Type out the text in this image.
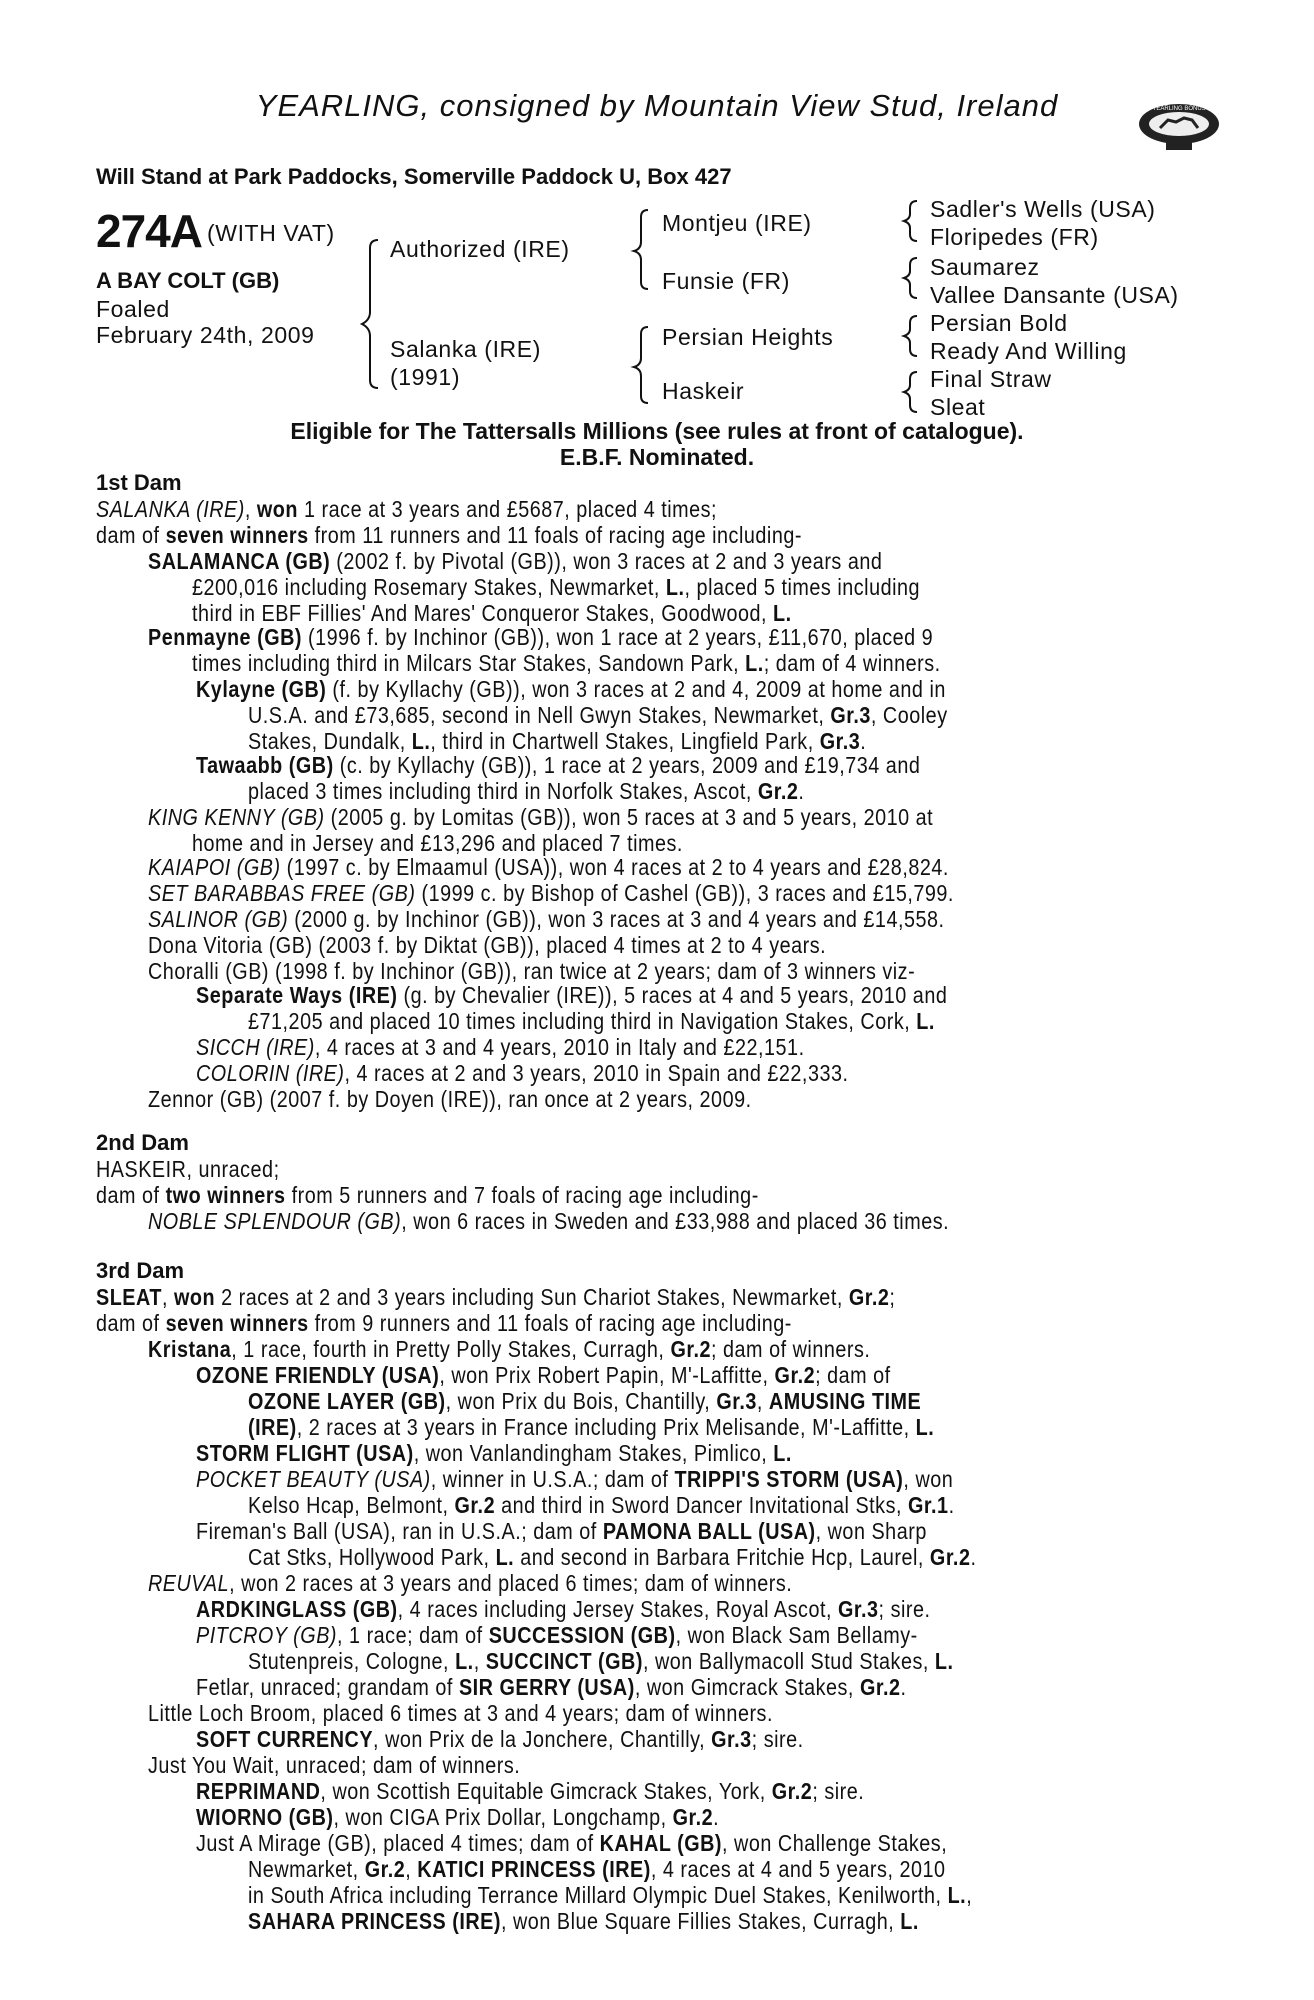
YEARLING, consigned by Mountain View Stud, Ireland	YEARLING BONUS
Will Stand at Park Paddocks, Somerville Paddock U, Box 427
274A (WITH VAT)
A BAY COLT (GB)
Foaled
February 24th, 2009
Authorized (IRE)
Salanka (IRE)
(1991)
Montjeu (IRE)
Funsie (FR)
Persian Heights
Haskeir
Sadler's Wells (USA)
Floripedes (FR)
Saumarez
Vallee Dansante (USA)
Persian Bold
Ready And Willing
Final Straw
Sleat
Eligible for The Tattersalls Millions (see rules at front of catalogue).
E.B.F. Nominated.
1st Dam
2nd Dam
3rd Dam
SALANKA (IRE), won 1 race at 3 years and £5687, placed 4 times;
dam of seven winners from 11 runners and 11 foals of racing age including-
SALAMANCA (GB) (2002 f. by Pivotal (GB)), won 3 races at 2 and 3 years and
£200,016 including Rosemary Stakes, Newmarket, L., placed 5 times including
third in EBF Fillies' And Mares' Conqueror Stakes, Goodwood, L.
Penmayne (GB) (1996 f. by Inchinor (GB)), won 1 race at 2 years, £11,670, placed 9
times including third in Milcars Star Stakes, Sandown Park, L.; dam of 4 winners.
Kylayne (GB) (f. by Kyllachy (GB)), won 3 races at 2 and 4, 2009 at home and in
U.S.A. and £73,685, second in Nell Gwyn Stakes, Newmarket, Gr.3, Cooley
Stakes, Dundalk, L., third in Chartwell Stakes, Lingfield Park, Gr.3.
Tawaabb (GB) (c. by Kyllachy (GB)), 1 race at 2 years, 2009 and £19,734 and
placed 3 times including third in Norfolk Stakes, Ascot, Gr.2.
KING KENNY (GB) (2005 g. by Lomitas (GB)), won 5 races at 3 and 5 years, 2010 at
home and in Jersey and £13,296 and placed 7 times.
KAIAPOI (GB) (1997 c. by Elmaamul (USA)), won 4 races at 2 to 4 years and £28,824.
SET BARABBAS FREE (GB) (1999 c. by Bishop of Cashel (GB)), 3 races and £15,799.
SALINOR (GB) (2000 g. by Inchinor (GB)), won 3 races at 3 and 4 years and £14,558.
Dona Vitoria (GB) (2003 f. by Diktat (GB)), placed 4 times at 2 to 4 years.
Choralli (GB) (1998 f. by Inchinor (GB)), ran twice at 2 years; dam of 3 winners viz-
Separate Ways (IRE) (g. by Chevalier (IRE)), 5 races at 4 and 5 years, 2010 and
£71,205 and placed 10 times including third in Navigation Stakes, Cork, L.
SICCH (IRE), 4 races at 3 and 4 years, 2010 in Italy and £22,151.
COLORIN (IRE), 4 races at 2 and 3 years, 2010 in Spain and £22,333.
Zennor (GB) (2007 f. by Doyen (IRE)), ran once at 2 years, 2009.
HASKEIR, unraced;
dam of two winners from 5 runners and 7 foals of racing age including-
NOBLE SPLENDOUR (GB), won 6 races in Sweden and £33,988 and placed 36 times.
SLEAT, won 2 races at 2 and 3 years including Sun Chariot Stakes, Newmarket, Gr.2;
dam of seven winners from 9 runners and 11 foals of racing age including-
Kristana, 1 race, fourth in Pretty Polly Stakes, Curragh, Gr.2; dam of winners.
OZONE FRIENDLY (USA), won Prix Robert Papin, M'-Laffitte, Gr.2; dam of
OZONE LAYER (GB), won Prix du Bois, Chantilly, Gr.3, AMUSING TIME
(IRE), 2 races at 3 years in France including Prix Melisande, M'-Laffitte, L.
STORM FLIGHT (USA), won Vanlandingham Stakes, Pimlico, L.
POCKET BEAUTY (USA), winner in U.S.A.; dam of TRIPPI'S STORM (USA), won
Kelso Hcap, Belmont, Gr.2 and third in Sword Dancer Invitational Stks, Gr.1.
Fireman's Ball (USA), ran in U.S.A.; dam of PAMONA BALL (USA), won Sharp
Cat Stks, Hollywood Park, L. and second in Barbara Fritchie Hcp, Laurel, Gr.2.
REUVAL, won 2 races at 3 years and placed 6 times; dam of winners.
ARDKINGLASS (GB), 4 races including Jersey Stakes, Royal Ascot, Gr.3; sire.
PITCROY (GB), 1 race; dam of SUCCESSION (GB), won Black Sam Bellamy-
Stutenpreis, Cologne, L., SUCCINCT (GB), won Ballymacoll Stud Stakes, L.
Fetlar, unraced; grandam of SIR GERRY (USA), won Gimcrack Stakes, Gr.2.
Little Loch Broom, placed 6 times at 3 and 4 years; dam of winners.
SOFT CURRENCY, won Prix de la Jonchere, Chantilly, Gr.3; sire.
Just You Wait, unraced; dam of winners.
REPRIMAND, won Scottish Equitable Gimcrack Stakes, York, Gr.2; sire.
WIORNO (GB), won CIGA Prix Dollar, Longchamp, Gr.2.
Just A Mirage (GB), placed 4 times; dam of KAHAL (GB), won Challenge Stakes,
Newmarket, Gr.2, KATICI PRINCESS (IRE), 4 races at 4 and 5 years, 2010
in South Africa including Terrance Millard Olympic Duel Stakes, Kenilworth, L.,
SAHARA PRINCESS (IRE), won Blue Square Fillies Stakes, Curragh, L.
